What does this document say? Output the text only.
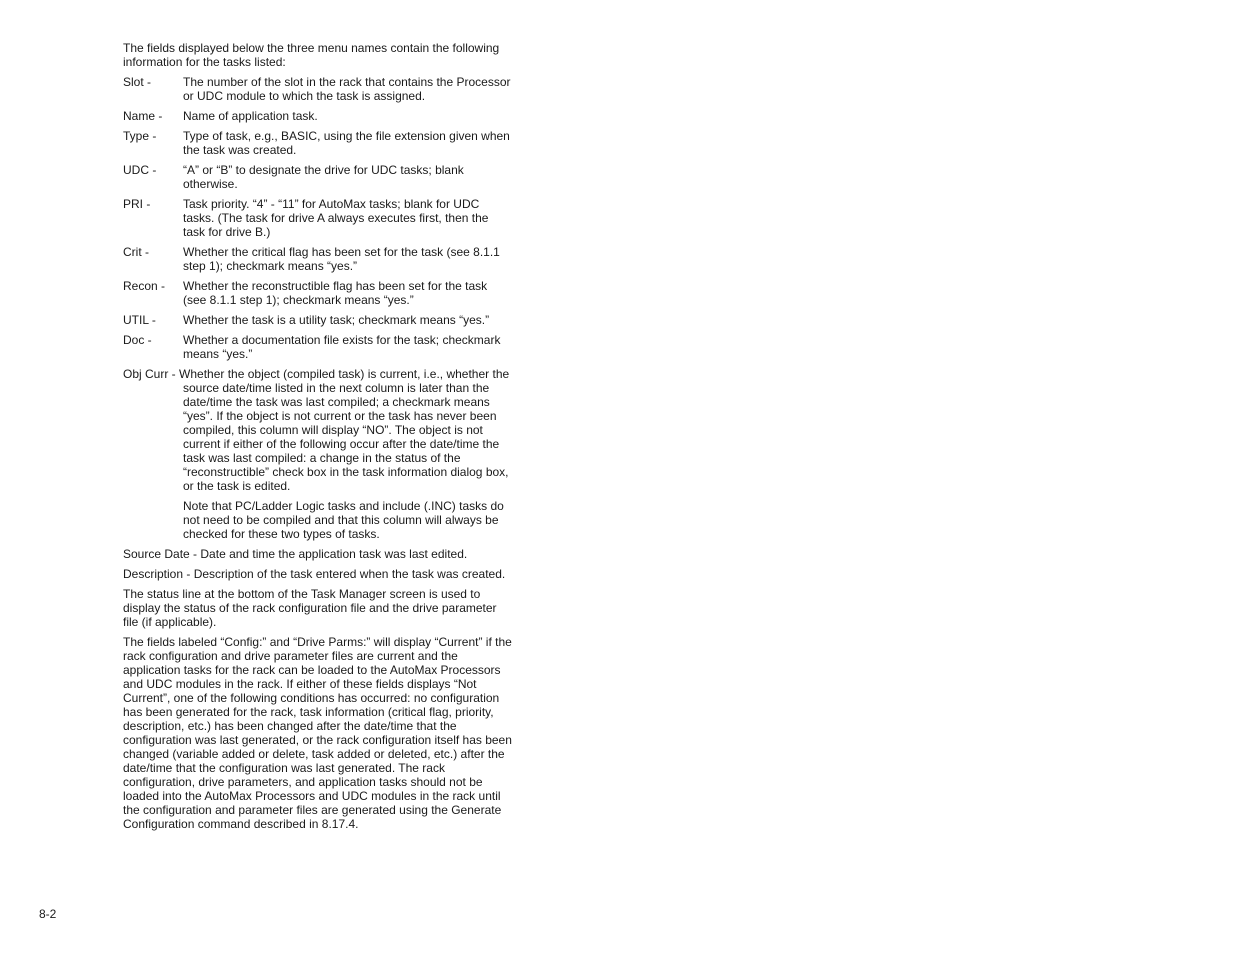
The fields displayed below the three menu names contain the following information for the tasks listed:

Slot -	The number of the slot in the rack that contains the Processor or UDC module to which the task is assigned.
Name -	Name of application task.
Type -	Type of task, e.g., BASIC, using the file extension given when the task was created.
UDC -	“A” or “B” to designate the drive for UDC tasks; blank otherwise.
PRI -	Task priority. “4” - “11” for AutoMax tasks; blank for UDC tasks. (The task for drive A always executes first, then the task for drive B.)
Crit -	Whether the critical flag has been set for the task (see 8.1.1 step 1); checkmark means “yes.”
Recon -	Whether the reconstructible flag has been set for the task (see 8.1.1 step 1); checkmark means “yes.”
UTIL -	Whether the task is a utility task; checkmark means “yes.”
Doc -	Whether a documentation file exists for the task; checkmark means “yes.”

Obj Curr - Whether the object (compiled task) is current, i.e., whether the source date/time listed in the next column is later than the date/time the task was last compiled; a checkmark means “yes”. If the object is not current or the task has never been compiled, this column will display “NO”. The object is not current if either of the following occur after the date/time the task was last compiled: a change in the status of the “reconstructible” check box in the task information dialog box, or the task is edited.

Note that PC/Ladder Logic tasks and include (.INC) tasks do not need to be compiled and that this column will always be checked for these two types of tasks.

Source Date - Date and time the application task was last edited.

Description - Description of the task entered when the task was created.

The status line at the bottom of the Task Manager screen is used to display the status of the rack configuration file and the drive parameter file (if applicable).

The fields labeled “Config:” and “Drive Parms:” will display “Current” if the rack configuration and drive parameter files are current and the application tasks for the rack can be loaded to the AutoMax Processors and UDC modules in the rack. If either of these fields displays “Not Current”, one of the following conditions has occurred: no configuration has been generated for the rack, task information (critical flag, priority, description, etc.) has been changed after the date/time that the configuration was last generated, or the rack configuration itself has been changed (variable added or delete, task added or deleted, etc.) after the date/time that the configuration was last generated. The rack configuration, drive parameters, and application tasks should not be loaded into the AutoMax Processors and UDC modules in the rack until the configuration and parameter files are generated using the Generate Configuration command described in 8.17.4.

8-2
